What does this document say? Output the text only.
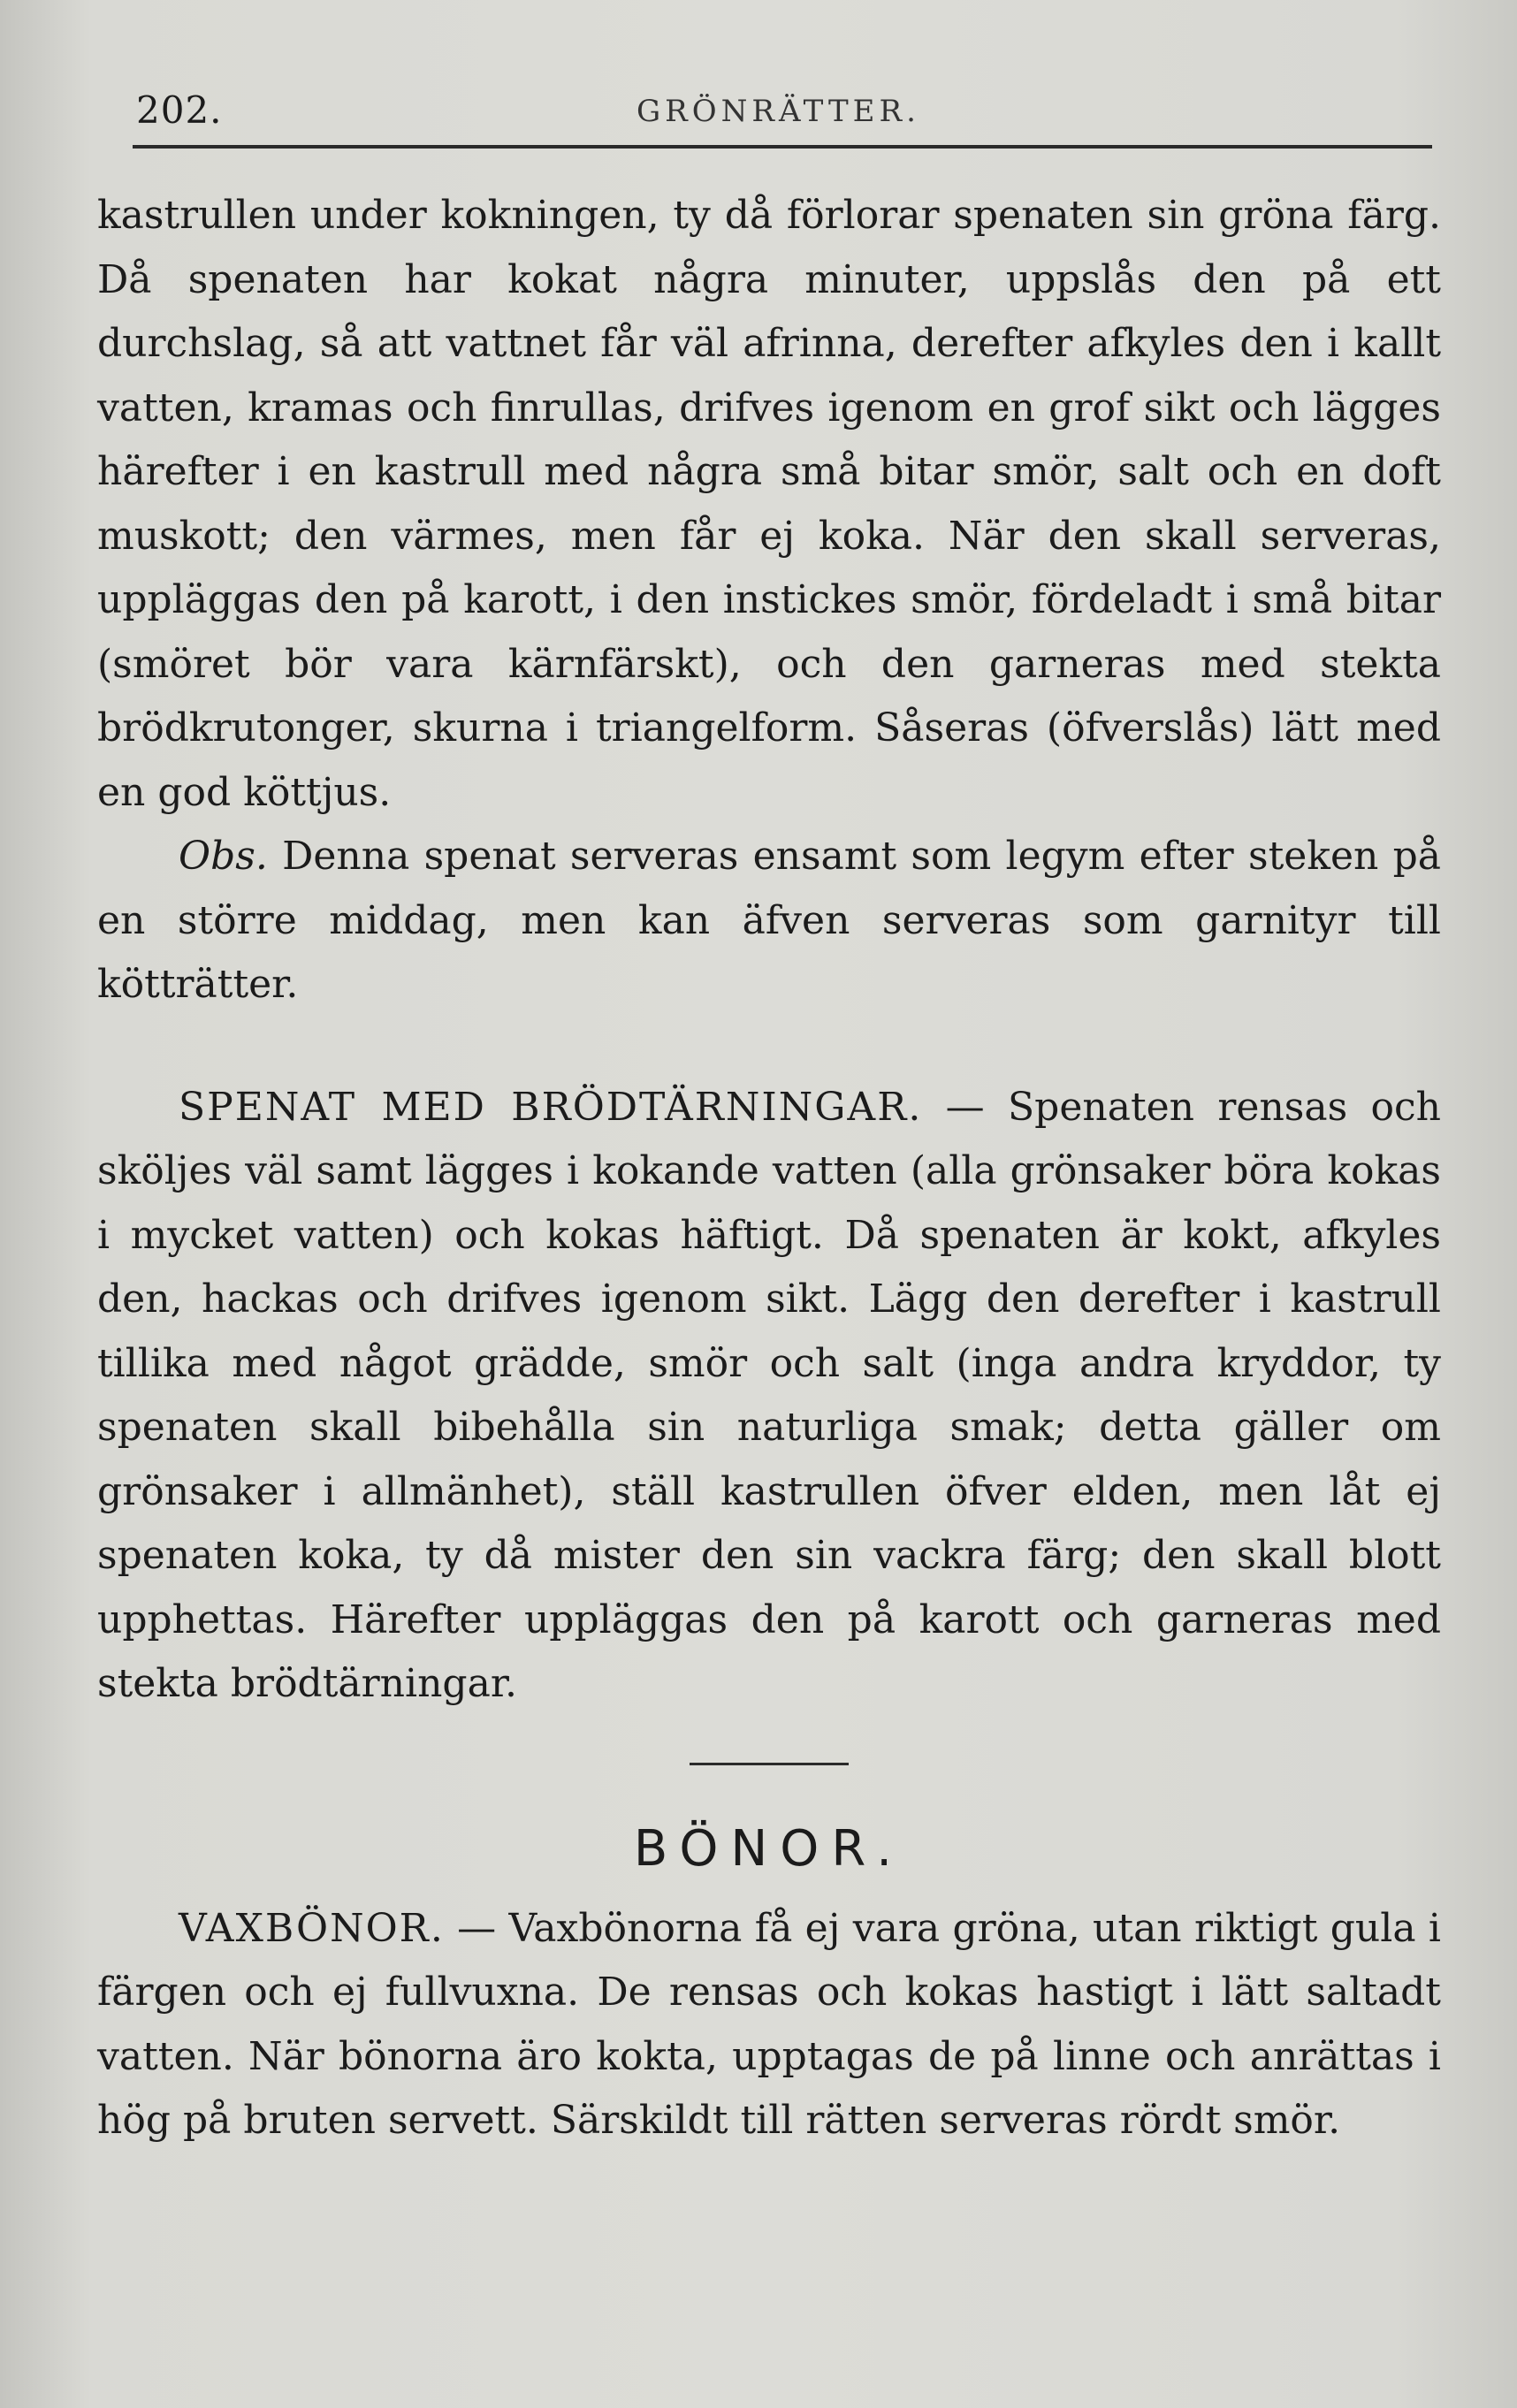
202.	GRÖNRÄTTER.

kastrullen under kokningen, ty då förlorar spenaten sin gröna färg. Då spenaten har kokat några minuter, uppslås den på ett durchslag, så att vattnet får väl afrinna, derefter afkyles den i kallt vatten, kramas och finrullas, drifves igenom en grof sikt och lägges härefter i en kastrull med några små bitar smör, salt och en doft muskott; den värmes, men får ej koka. När den skall serveras, uppläggas den på karott, i den instickes smör, fördeladt i små bitar (smöret bör vara kärnfärskt), och den garneras med stekta brödkrutonger, skurna i triangelform. Såseras (öfverslås) lätt med en god köttjus.

Obs. Denna spenat serveras ensamt som legym efter steken på en större middag, men kan äfven serveras som garnityr till kötträtter.

SPENAT MED BRÖDTÄRNINGAR. — Spenaten rensas och sköljes väl samt lägges i kokande vatten (alla grönsaker böra kokas i mycket vatten) och kokas häftigt. Då spenaten är kokt, afkyles den, hackas och drifves igenom sikt. Lägg den derefter i kastrull tillika med något grädde, smör och salt (inga andra kryddor, ty spenaten skall bibehålla sin naturliga smak; detta gäller om grönsaker i allmänhet), ställ kastrullen öfver elden, men låt ej spenaten koka, ty då mister den sin vackra färg; den skall blott upphettas. Härefter uppläggas den på karott och garneras med stekta brödtärningar.

BÖNOR.

VAXBÖNOR. — Vaxbönorna få ej vara gröna, utan riktigt gula i färgen och ej fullvuxna. De rensas och kokas hastigt i lätt saltadt vatten. När bönorna äro kokta, upptagas de på linne och anrättas i hög på bruten servett. Särskildt till rätten serveras rördt smör.
